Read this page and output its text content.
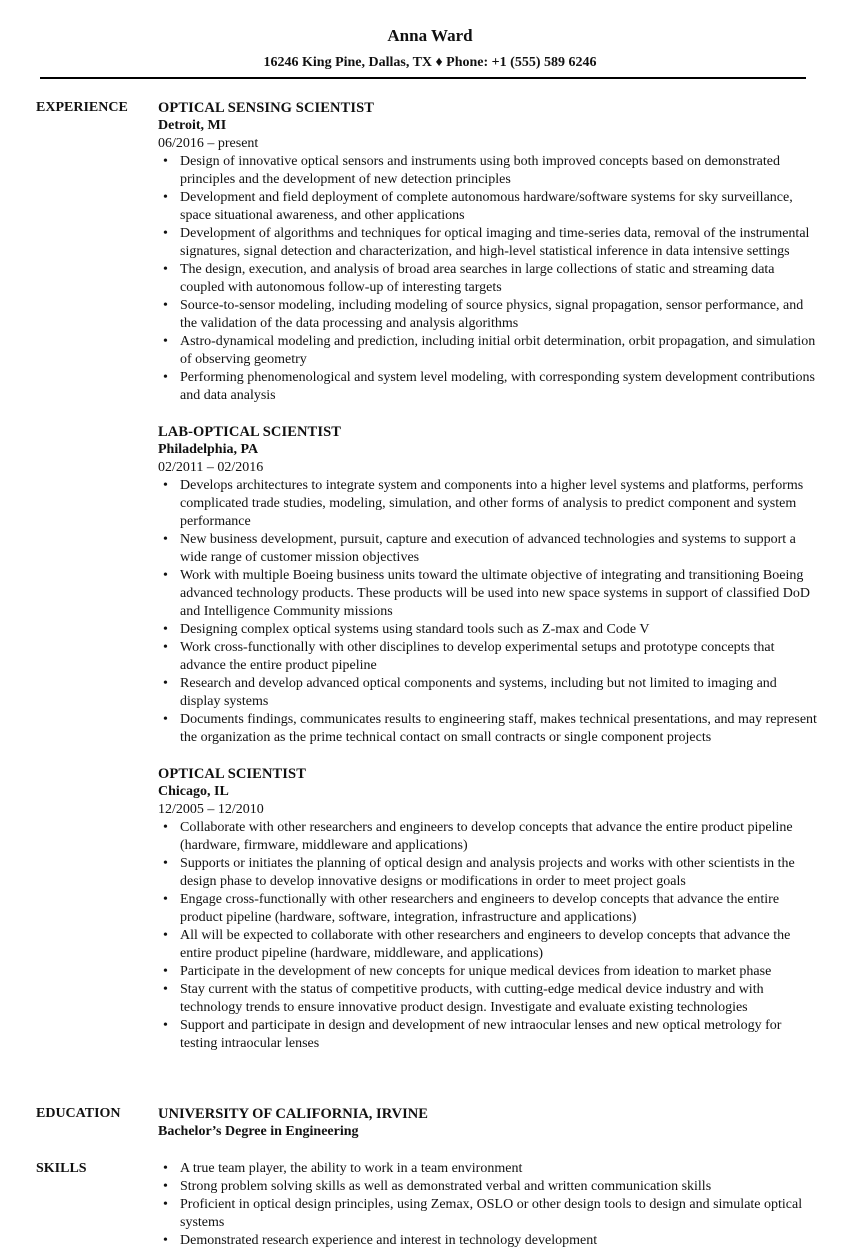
Anna Ward
16246 King Pine, Dallas, TX ♦ Phone: +1 (555) 589 6246
EXPERIENCE OPTICAL SENSING SCIENTIST
Detroit, MI
06/2016 – present
• Design of innovative optical sensors and instruments using both improved concepts based on demonstrated principles and the development of new detection principles
• Development and field deployment of complete autonomous hardware/software systems for sky surveillance, space situational awareness, and other applications
• Development of algorithms and techniques for optical imaging and time-series data, removal of the instrumental signatures, signal detection and characterization, and high-level statistical inference in data intensive settings
• The design, execution, and analysis of broad area searches in large collections of static and streaming data coupled with autonomous follow-up of interesting targets
• Source-to-sensor modeling, including modeling of source physics, signal propagation, sensor performance, and the validation of the data processing and analysis algorithms
• Astro-dynamical modeling and prediction, including initial orbit determination, orbit propagation, and simulation of observing geometry
• Performing phenomenological and system level modeling, with corresponding system development contributions and data analysis
LAB-OPTICAL SCIENTIST
Philadelphia, PA
02/2011 – 02/2016
• Develops architectures to integrate system and components into a higher level systems and platforms, performs complicated trade studies, modeling, simulation, and other forms of analysis to predict component and system performance
• New business development, pursuit, capture and execution of advanced technologies and systems to support a wide range of customer mission objectives
• Work with multiple Boeing business units toward the ultimate objective of integrating and transitioning Boeing advanced technology products. These products will be used into new space systems in support of classified DoD and Intelligence Community missions
• Designing complex optical systems using standard tools such as Z-max and Code V
• Work cross-functionally with other disciplines to develop experimental setups and prototype concepts that advance the entire product pipeline
• Research and develop advanced optical components and systems, including but not limited to imaging and display systems
• Documents findings, communicates results to engineering staff, makes technical presentations, and may represent the organization as the prime technical contact on small contracts or single component projects
OPTICAL SCIENTIST
Chicago, IL
12/2005 – 12/2010
• Collaborate with other researchers and engineers to develop concepts that advance the entire product pipeline (hardware, firmware, middleware and applications)
• Supports or initiates the planning of optical design and analysis projects and works with other scientists in the design phase to develop innovative designs or modifications in order to meet project goals
• Engage cross-functionally with other researchers and engineers to develop concepts that advance the entire product pipeline (hardware, software, integration, infrastructure and applications)
• All will be expected to collaborate with other researchers and engineers to develop concepts that advance the entire product pipeline (hardware, middleware, and applications)
• Participate in the development of new concepts for unique medical devices from ideation to market phase
• Stay current with the status of competitive products, with cutting-edge medical device industry and with technology trends to ensure innovative product design. Investigate and evaluate existing technologies
• Support and participate in design and development of new intraocular lenses and new optical metrology for testing intraocular lenses
EDUCATION	UNIVERSITY OF CALIFORNIA, IRVINE
Bachelor’s Degree in Engineering
SKILLS
•	A true team player, the ability to work in a team environment
• Strong problem solving skills as well as demonstrated verbal and written communication skills
• Proficient in optical design principles, using Zemax, OSLO or other design tools to design and simulate optical systems
• Demonstrated research experience and interest in technology development
